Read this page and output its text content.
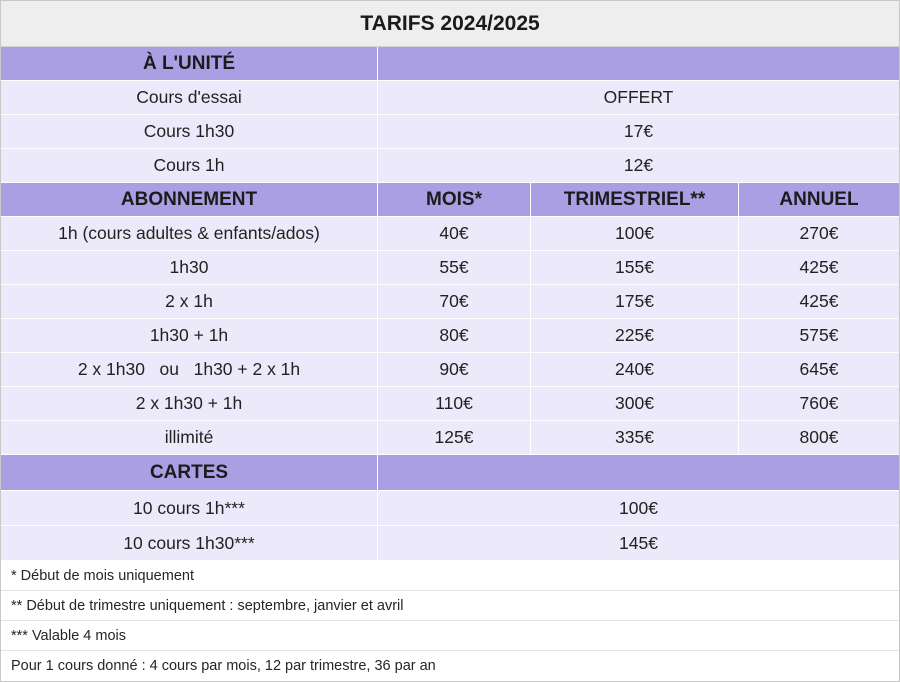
TARIFS 2024/2025
À L'UNITÉ
Cours d'essai	OFFERT
Cours 1h30	17€
Cours 1h	12€
ABONNEMENT	MOIS*	TRIMESTRIEL**	ANNUEL
1h (cours adultes & enfants/ados)	40€	100€	270€
1h30	55€	155€	425€
2 x 1h	70€	175€	425€
1h30 + 1h	80€	225€	575€
2 x 1h30   ou   1h30 + 2 x 1h	90€	240€	645€
2 x 1h30 + 1h	110€	300€	760€
illimité	125€	335€	800€
CARTES
10 cours 1h***	100€
10 cours 1h30***	145€
* Début de mois uniquement
** Début de trimestre uniquement : septembre, janvier et avril
*** Valable 4 mois
Pour 1 cours donné : 4 cours par mois, 12 par trimestre, 36 par an
